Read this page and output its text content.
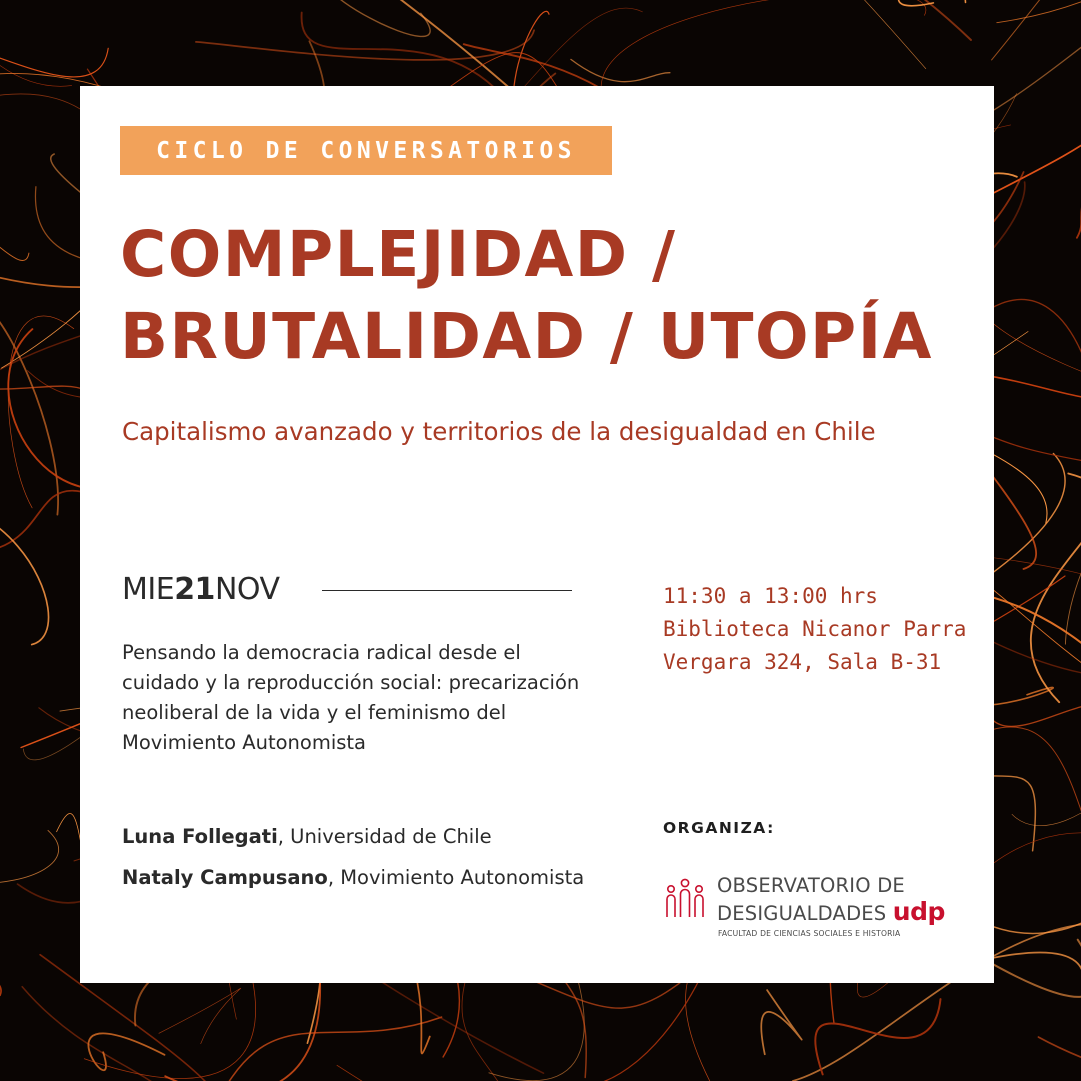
CICLO DE CONVERSATORIOS
COMPLEJIDAD /
BRUTALIDAD / UTOPÍA

Capitalismo avanzado y territorios de la desigualdad en Chile

MIE21NOV	11:30 a 13:00 hrs
Biblioteca Nicanor Parra
Vergara 324, Sala B-31
Pensando la democracia radical desde el cuidado y la reproducción social: precarización neoliberal de la vida y el feminismo del Movimiento Autonomista
Luna Follegati, Universidad de Chile
Nataly Campusano, Movimiento Autonomista
ORGANIZA:
OBSERVATORIO DE
DESIGUALDADES udp
FACULTAD DE CIENCIAS SOCIALES E HISTORIA
